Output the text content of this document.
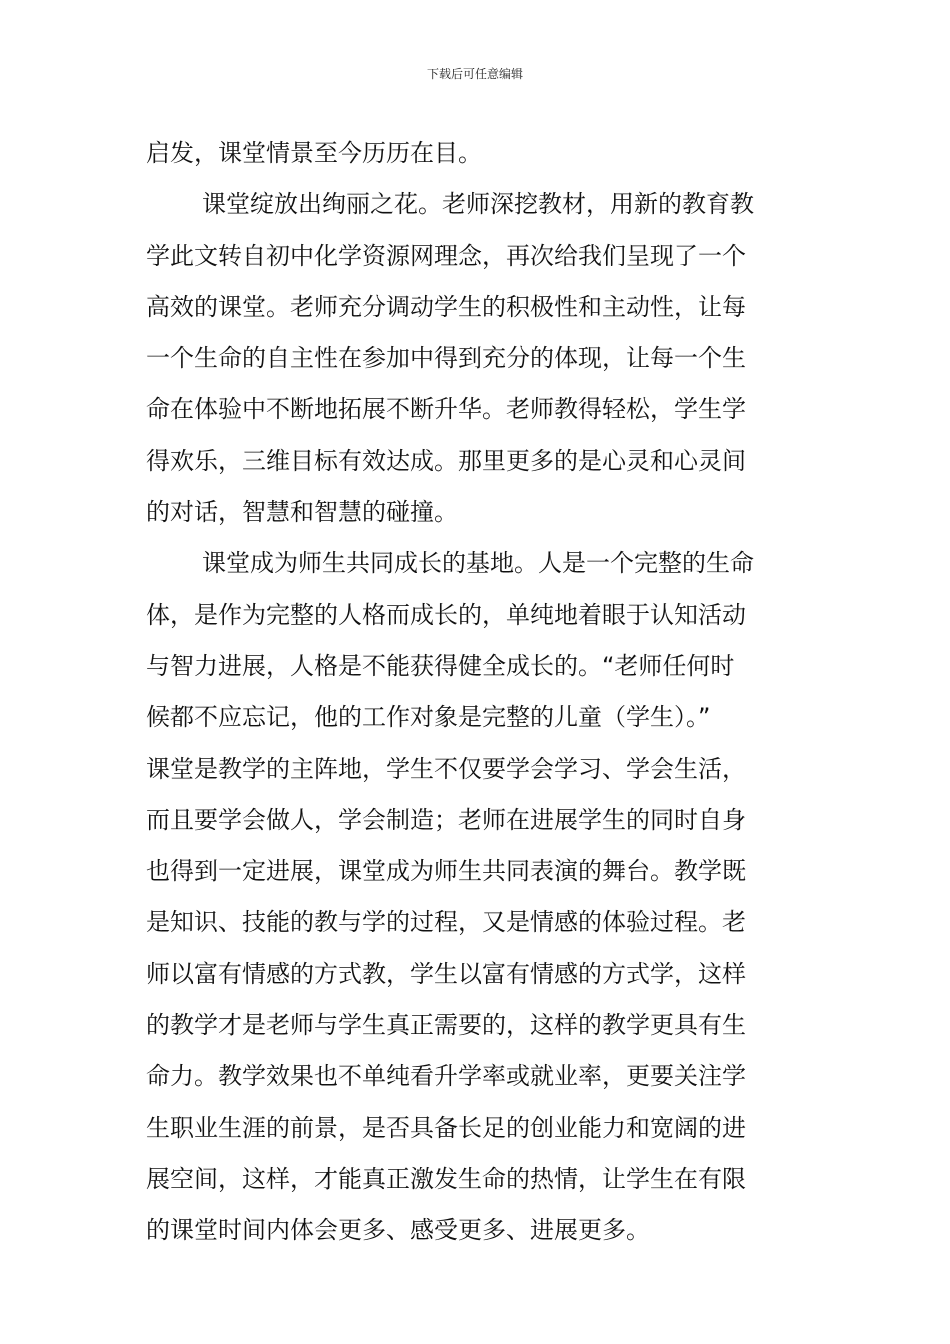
下载后可任意编辑
启发，课堂情景至今历历在目。
课堂绽放出绚丽之花。老师深挖教材，用新的教育教
学此文转自初中化学资源网理念，再次给我们呈现了一个
高效的课堂。老师充分调动学生的积极性和主动性，让每
一个生命的自主性在参加中得到充分的体现，让每一个生
命在体验中不断地拓展不断升华。老师教得轻松，学生学
得欢乐，三维目标有效达成。那里更多的是心灵和心灵间
的对话，智慧和智慧的碰撞。
课堂成为师生共同成长的基地。人是一个完整的生命
体，是作为完整的人格而成长的，单纯地着眼于认知活动
与智力进展，人格是不能获得健全成长的。“老师任何时
候都不应忘记，他的工作对象是完整的儿童（学生）。”
课堂是教学的主阵地，学生不仅要学会学习、学会生活，
而且要学会做人，学会制造；老师在进展学生的同时自身
也得到一定进展，课堂成为师生共同表演的舞台。教学既
是知识、技能的教与学的过程，又是情感的体验过程。老
师以富有情感的方式教，学生以富有情感的方式学，这样
的教学才是老师与学生真正需要的，这样的教学更具有生
命力。教学效果也不单纯看升学率或就业率，更要关注学
生职业生涯的前景，是否具备长足的创业能力和宽阔的进
展空间，这样，才能真正激发生命的热情，让学生在有限
的课堂时间内体会更多、感受更多、进展更多。
